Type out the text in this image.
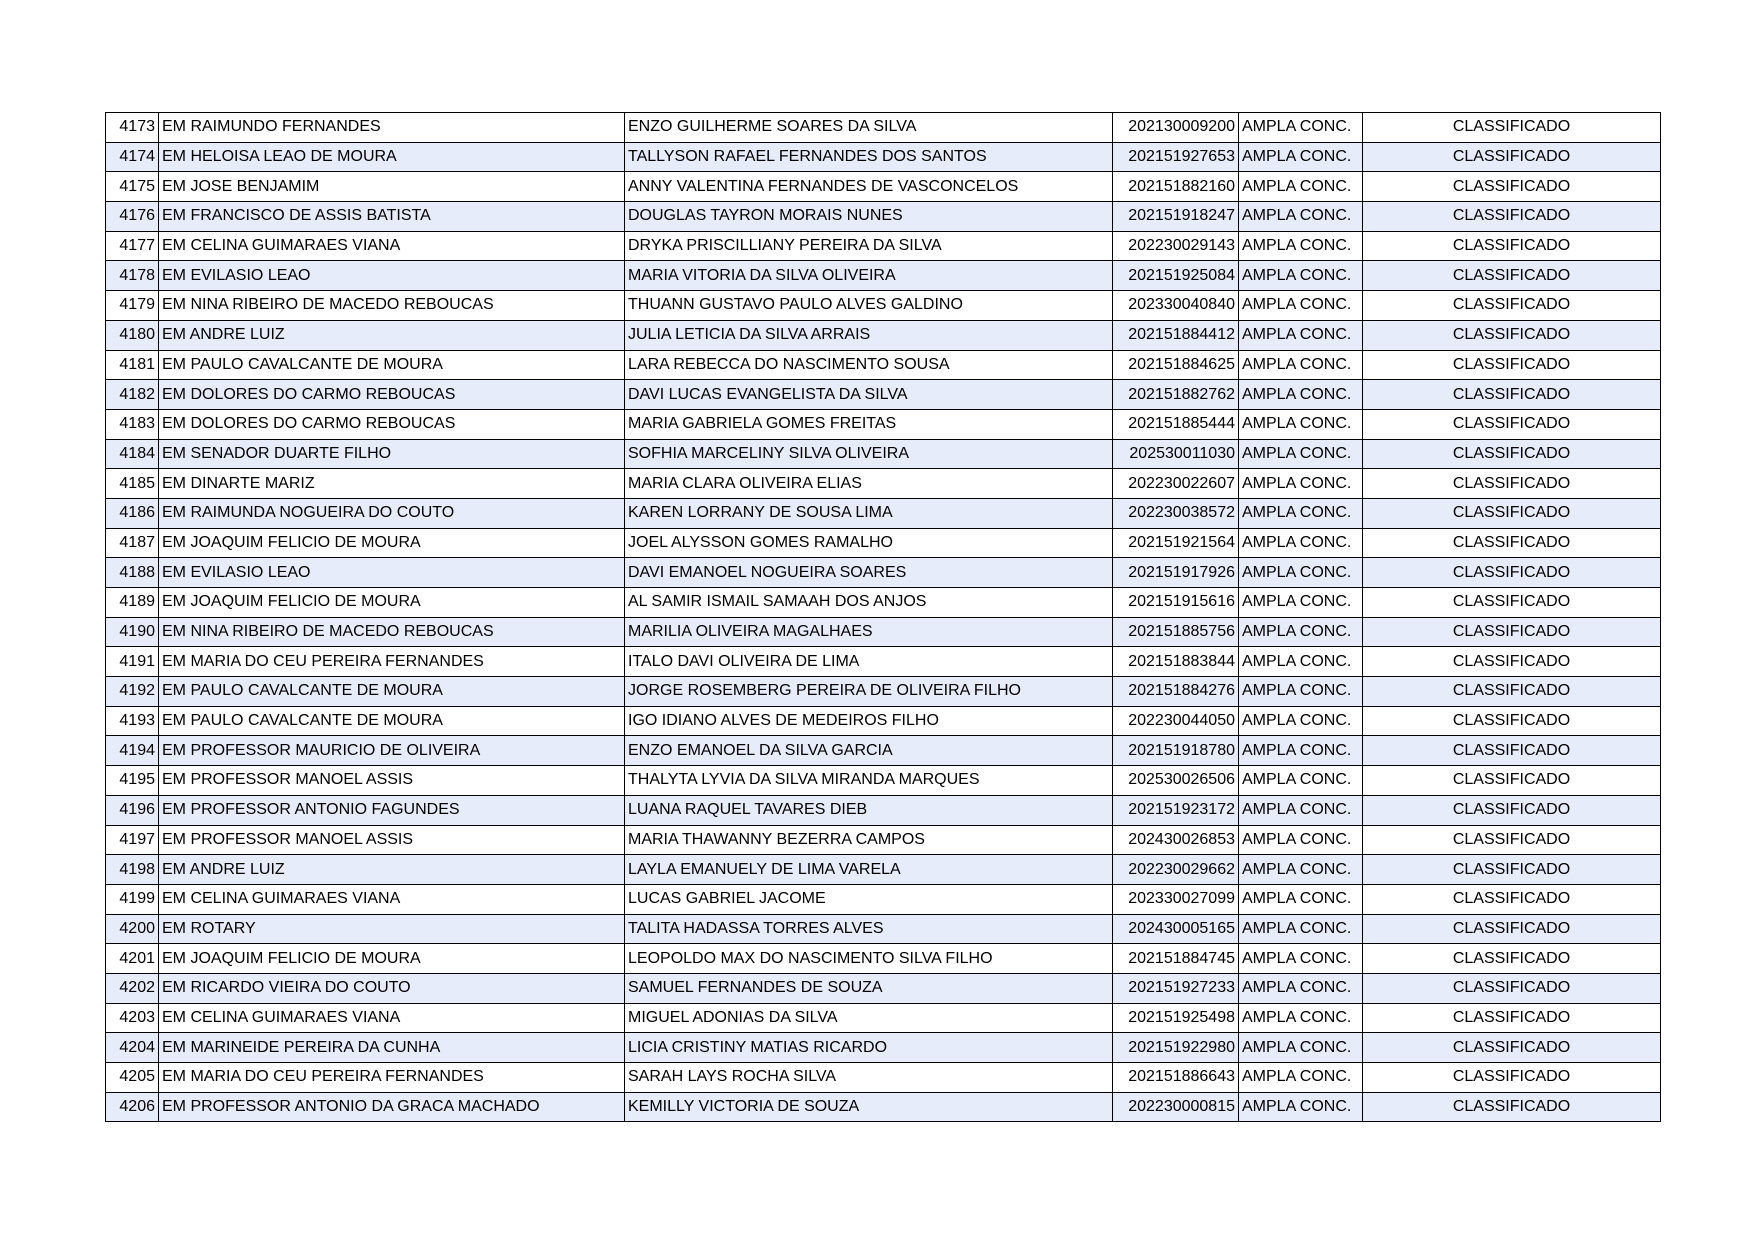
4173	EM RAIMUNDO FERNANDES	ENZO GUILHERME SOARES DA SILVA	202130009200	AMPLA CONC.	CLASSIFICADO
4174	EM HELOISA LEAO DE MOURA	TALLYSON RAFAEL FERNANDES DOS SANTOS	202151927653	AMPLA CONC.	CLASSIFICADO
4175	EM JOSE BENJAMIM	ANNY VALENTINA FERNANDES DE VASCONCELOS	202151882160	AMPLA CONC.	CLASSIFICADO
4176	EM FRANCISCO DE ASSIS BATISTA	DOUGLAS TAYRON MORAIS NUNES	202151918247	AMPLA CONC.	CLASSIFICADO
4177	EM CELINA GUIMARAES VIANA	DRYKA PRISCILLIANY PEREIRA DA SILVA	202230029143	AMPLA CONC.	CLASSIFICADO
4178	EM EVILASIO LEAO	MARIA VITORIA DA SILVA OLIVEIRA	202151925084	AMPLA CONC.	CLASSIFICADO
4179	EM NINA RIBEIRO DE MACEDO REBOUCAS	THUANN GUSTAVO PAULO ALVES GALDINO	202330040840	AMPLA CONC.	CLASSIFICADO
4180	EM ANDRE LUIZ	JULIA LETICIA DA SILVA ARRAIS	202151884412	AMPLA CONC.	CLASSIFICADO
4181	EM PAULO CAVALCANTE DE MOURA	LARA REBECCA DO NASCIMENTO SOUSA	202151884625	AMPLA CONC.	CLASSIFICADO
4182	EM DOLORES DO CARMO REBOUCAS	DAVI LUCAS EVANGELISTA DA SILVA	202151882762	AMPLA CONC.	CLASSIFICADO
4183	EM DOLORES DO CARMO REBOUCAS	MARIA GABRIELA GOMES FREITAS	202151885444	AMPLA CONC.	CLASSIFICADO
4184	EM SENADOR DUARTE FILHO	SOFHIA MARCELINY SILVA OLIVEIRA	202530011030	AMPLA CONC.	CLASSIFICADO
4185	EM DINARTE MARIZ	MARIA CLARA OLIVEIRA ELIAS	202230022607	AMPLA CONC.	CLASSIFICADO
4186	EM RAIMUNDA NOGUEIRA DO COUTO	KAREN LORRANY DE SOUSA LIMA	202230038572	AMPLA CONC.	CLASSIFICADO
4187	EM JOAQUIM FELICIO DE MOURA	JOEL ALYSSON GOMES RAMALHO	202151921564	AMPLA CONC.	CLASSIFICADO
4188	EM EVILASIO LEAO	DAVI EMANOEL NOGUEIRA SOARES	202151917926	AMPLA CONC.	CLASSIFICADO
4189	EM JOAQUIM FELICIO DE MOURA	AL SAMIR ISMAIL SAMAAH DOS ANJOS	202151915616	AMPLA CONC.	CLASSIFICADO
4190	EM NINA RIBEIRO DE MACEDO REBOUCAS	MARILIA OLIVEIRA MAGALHAES	202151885756	AMPLA CONC.	CLASSIFICADO
4191	EM MARIA DO CEU PEREIRA FERNANDES	ITALO DAVI OLIVEIRA DE LIMA	202151883844	AMPLA CONC.	CLASSIFICADO
4192	EM PAULO CAVALCANTE DE MOURA	JORGE ROSEMBERG PEREIRA DE OLIVEIRA FILHO	202151884276	AMPLA CONC.	CLASSIFICADO
4193	EM PAULO CAVALCANTE DE MOURA	IGO IDIANO ALVES DE MEDEIROS FILHO	202230044050	AMPLA CONC.	CLASSIFICADO
4194	EM PROFESSOR MAURICIO DE OLIVEIRA	ENZO EMANOEL DA SILVA GARCIA	202151918780	AMPLA CONC.	CLASSIFICADO
4195	EM PROFESSOR MANOEL ASSIS	THALYTA LYVIA DA SILVA MIRANDA MARQUES	202530026506	AMPLA CONC.	CLASSIFICADO
4196	EM PROFESSOR ANTONIO FAGUNDES	LUANA RAQUEL TAVARES DIEB	202151923172	AMPLA CONC.	CLASSIFICADO
4197	EM PROFESSOR MANOEL ASSIS	MARIA THAWANNY BEZERRA CAMPOS	202430026853	AMPLA CONC.	CLASSIFICADO
4198	EM ANDRE LUIZ	LAYLA EMANUELY DE LIMA VARELA	202230029662	AMPLA CONC.	CLASSIFICADO
4199	EM CELINA GUIMARAES VIANA	LUCAS GABRIEL JACOME	202330027099	AMPLA CONC.	CLASSIFICADO
4200	EM ROTARY	TALITA HADASSA TORRES ALVES	202430005165	AMPLA CONC.	CLASSIFICADO
4201	EM JOAQUIM FELICIO DE MOURA	LEOPOLDO MAX DO NASCIMENTO SILVA FILHO	202151884745	AMPLA CONC.	CLASSIFICADO
4202	EM RICARDO VIEIRA DO COUTO	SAMUEL FERNANDES DE SOUZA	202151927233	AMPLA CONC.	CLASSIFICADO
4203	EM CELINA GUIMARAES VIANA	MIGUEL ADONIAS DA SILVA	202151925498	AMPLA CONC.	CLASSIFICADO
4204	EM MARINEIDE PEREIRA DA CUNHA	LICIA CRISTINY MATIAS RICARDO	202151922980	AMPLA CONC.	CLASSIFICADO
4205	EM MARIA DO CEU PEREIRA FERNANDES	SARAH LAYS ROCHA SILVA	202151886643	AMPLA CONC.	CLASSIFICADO
4206	EM PROFESSOR ANTONIO DA GRACA MACHADO	KEMILLY VICTORIA DE SOUZA	202230000815	AMPLA CONC.	CLASSIFICADO
